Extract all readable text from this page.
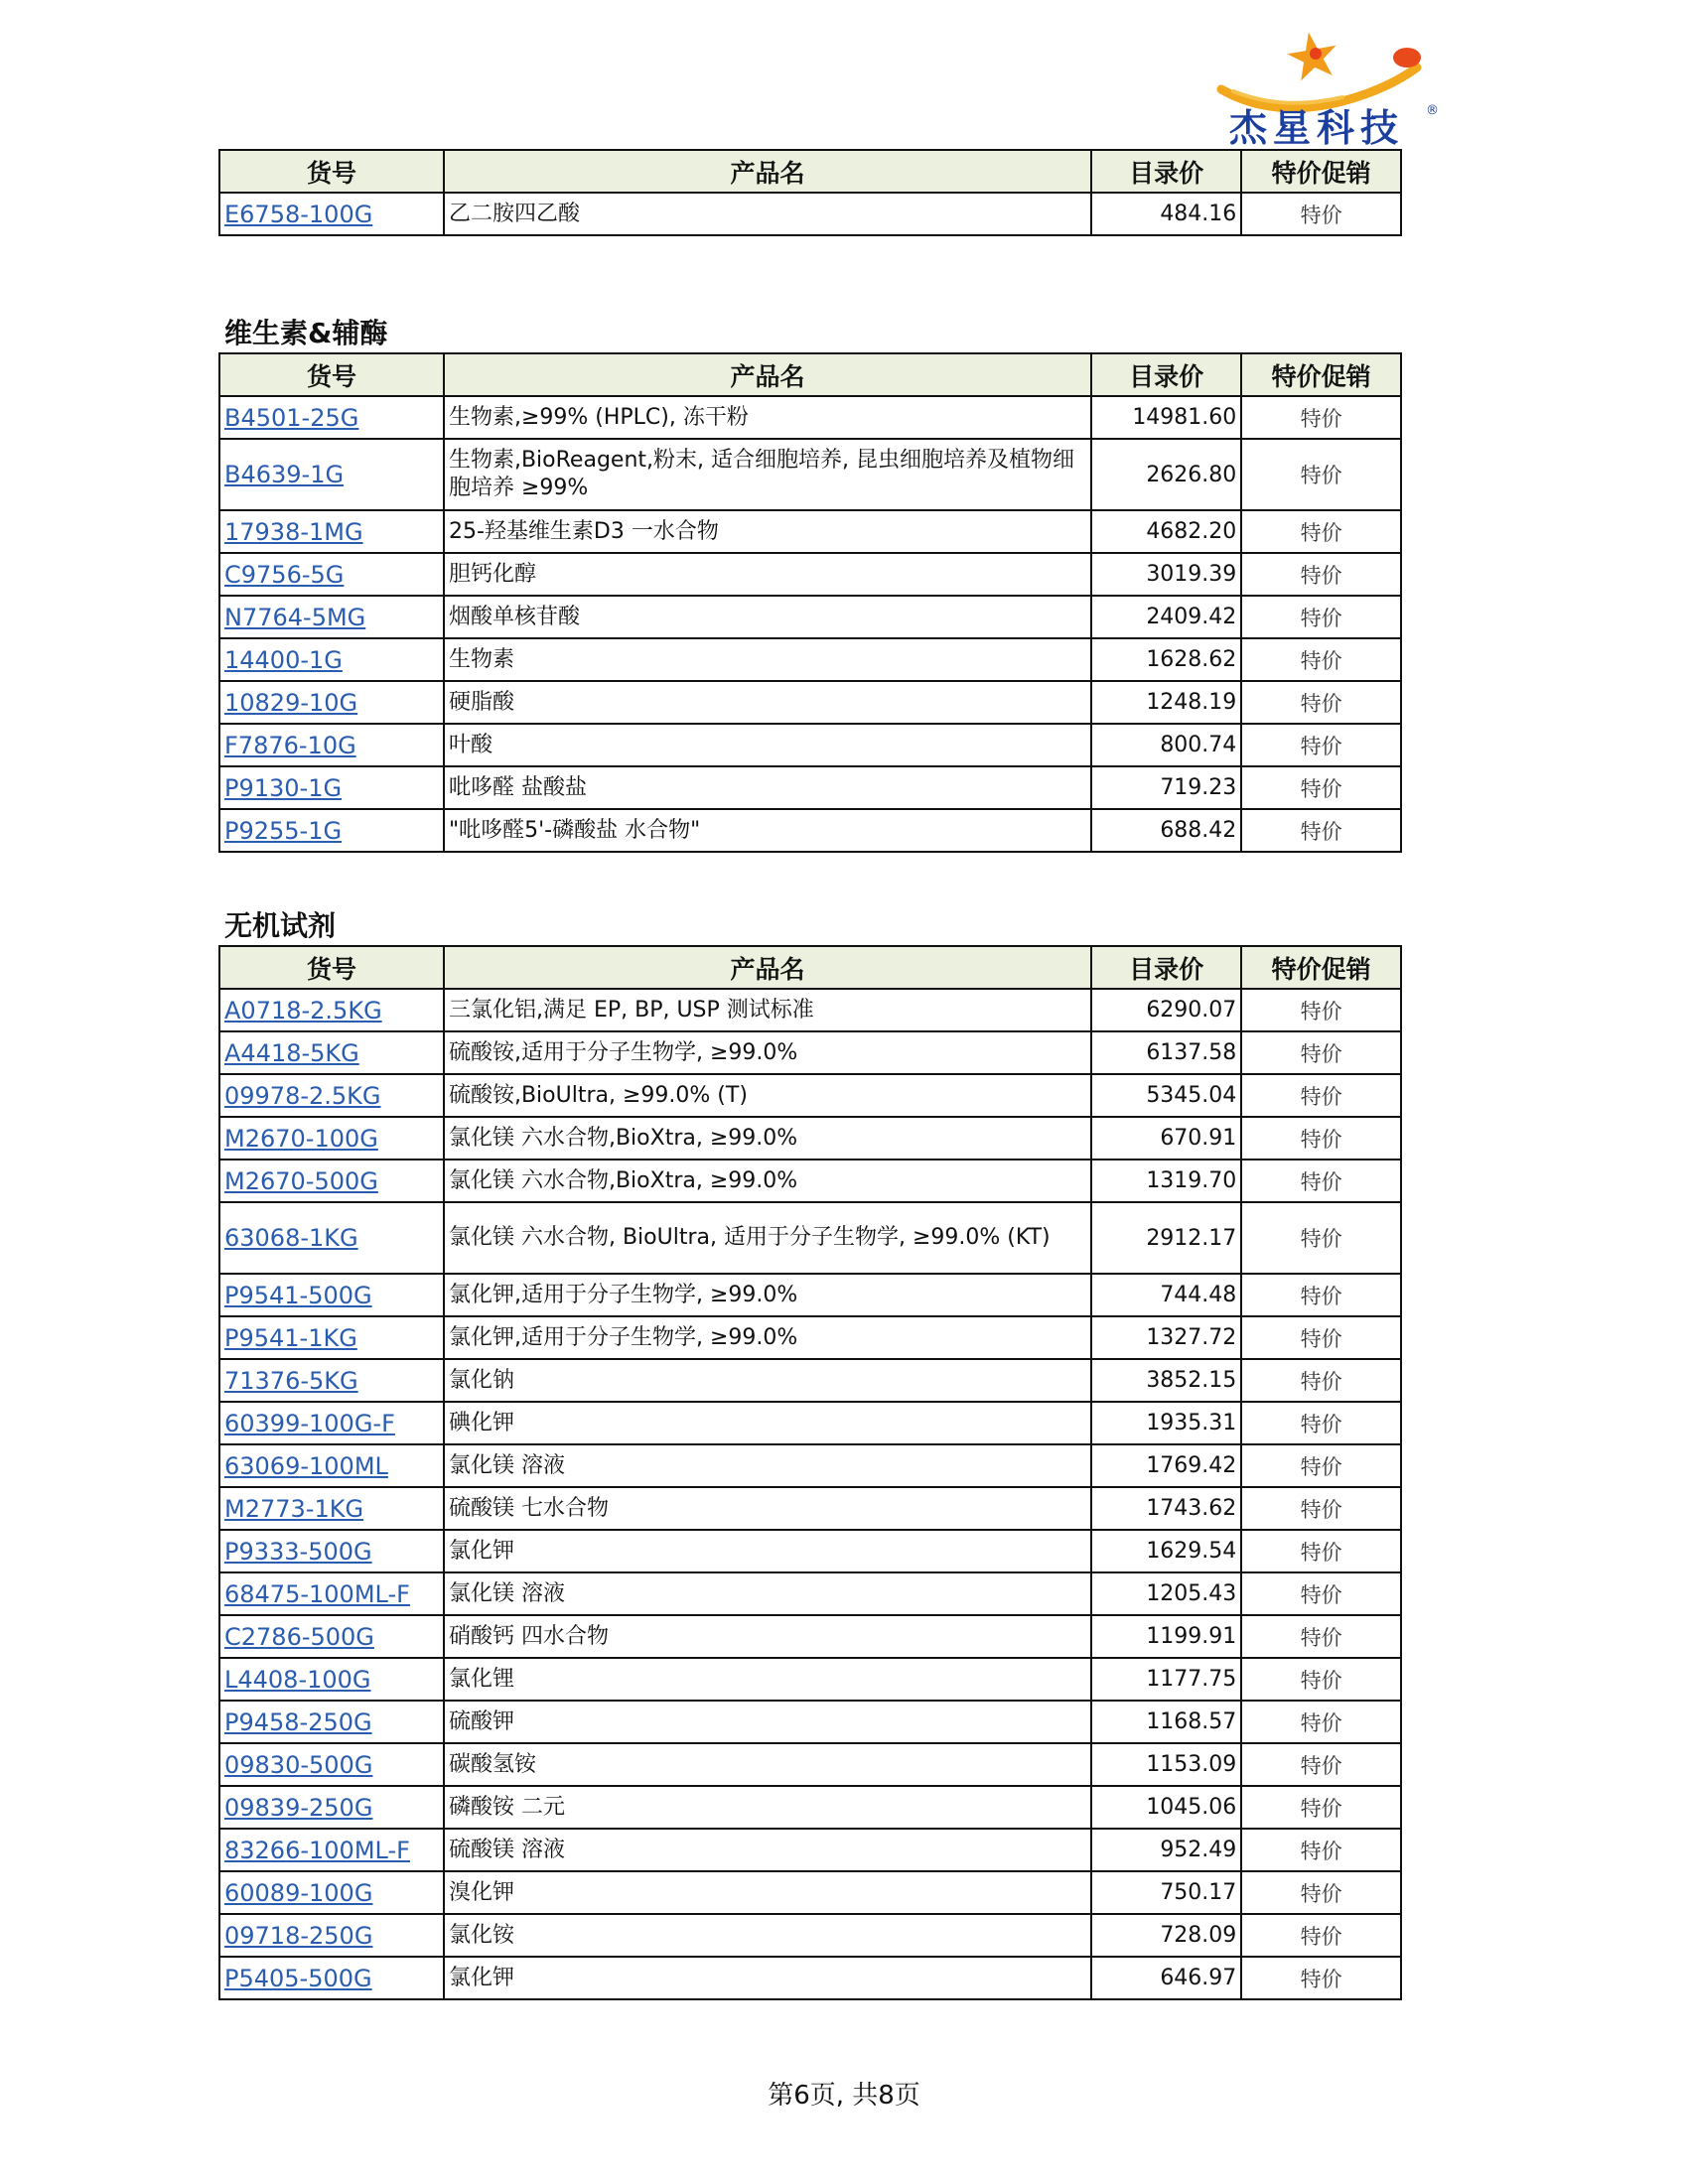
杰星科技 ®
货号	产品名	目录价	特价促销
E6758-100G	乙二胺四乙酸	484.16	特价
维生素&辅酶
货号	产品名	目录价	特价促销
B4501-25G	生物素,≥99% (HPLC), 冻干粉	14981.60	特价
B4639-1G	生物素,BioReagent,粉末, 适合细胞培养, 昆虫细胞培养及植物细胞培养 ≥99%	2626.80	特价
17938-1MG	25-羟基维生素D3 一水合物	4682.20	特价
C9756-5G	胆钙化醇	3019.39	特价
N7764-5MG	烟酸单核苷酸	2409.42	特价
14400-1G	生物素	1628.62	特价
10829-10G	硬脂酸	1248.19	特价
F7876-10G	叶酸	800.74	特价
P9130-1G	吡哆醛 盐酸盐	719.23	特价
P9255-1G	"吡哆醛5'-磷酸盐 水合物"	688.42	特价
无机试剂
货号	产品名	目录价	特价促销
A0718-2.5KG	三氯化铝,满足 EP, BP, USP 测试标准	6290.07	特价
A4418-5KG	硫酸铵,适用于分子生物学, ≥99.0%	6137.58	特价
09978-2.5KG	硫酸铵,BioUltra, ≥99.0% (T)	5345.04	特价
M2670-100G	氯化镁 六水合物,BioXtra, ≥99.0%	670.91	特价
M2670-500G	氯化镁 六水合物,BioXtra, ≥99.0%	1319.70	特价
63068-1KG	氯化镁 六水合物, BioUltra, 适用于分子生物学, ≥99.0% (KT)	2912.17	特价
P9541-500G	氯化钾,适用于分子生物学, ≥99.0%	744.48	特价
P9541-1KG	氯化钾,适用于分子生物学, ≥99.0%	1327.72	特价
71376-5KG	氯化钠	3852.15	特价
60399-100G-F	碘化钾	1935.31	特价
63069-100ML	氯化镁 溶液	1769.42	特价
M2773-1KG	硫酸镁 七水合物	1743.62	特价
P9333-500G	氯化钾	1629.54	特价
68475-100ML-F	氯化镁 溶液	1205.43	特价
C2786-500G	硝酸钙 四水合物	1199.91	特价
L4408-100G	氯化锂	1177.75	特价
P9458-250G	硫酸钾	1168.57	特价
09830-500G	碳酸氢铵	1153.09	特价
09839-250G	磷酸铵 二元	1045.06	特价
83266-100ML-F	硫酸镁 溶液	952.49	特价
60089-100G	溴化钾	750.17	特价
09718-250G	氯化铵	728.09	特价
P5405-500G	氯化钾	646.97	特价
第6页, 共8页
